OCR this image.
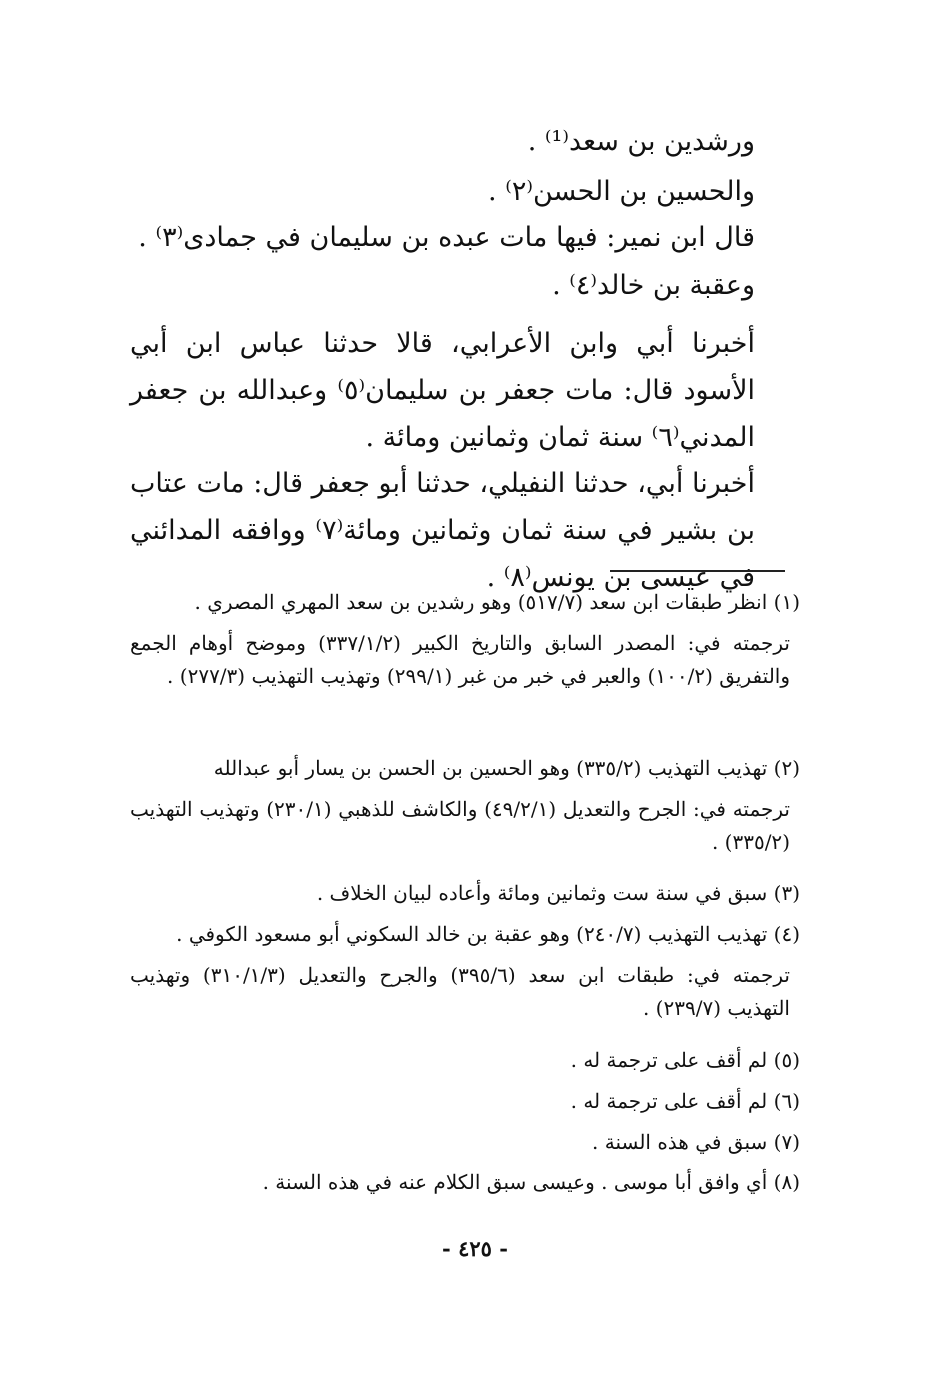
ورشدين بن سعد⁽¹⁾ .
والحسين بن الحسن⁽٢⁾ .
قال ابن نمير: فيها مات عبده بن سليمان في جمادى⁽٣⁾ .
وعقبة بن خالد⁽٤⁾ .
أخبرنا أبي وابن الأعرابي، قالا حدثنا عباس ابن أبي الأسود قال: مات جعفر بن سليمان⁽٥⁾ وعبدالله بن جعفر المدني⁽٦⁾ سنة ثمان وثمانين ومائة .
أخبرنا أبي، حدثنا النفيلي، حدثنا أبو جعفر قال: مات عتاب بن بشير في سنة ثمان وثمانين ومائة⁽٧⁾ ووافقه المدائني في عيسى بن يونس⁽٨⁾ .
(١) انظر طبقات ابن سعد (٥١٧/٧) وهو رشدين بن سعد المهري المصري .
ترجمته في: المصدر السابق والتاريخ الكبير (٣٣٧/١/٢) وموضح أوهام الجمع والتفريق (١٠٠/٢) والعبر في خبر من غبر (٢٩٩/١) وتهذيب التهذيب (٢٧٧/٣) .
(٢) تهذيب التهذيب (٣٣٥/٢) وهو الحسين بن الحسن بن يسار أبو عبدالله
ترجمته في: الجرح والتعديل (٤٩/٢/١) والكاشف للذهبي (٢٣٠/١) وتهذيب التهذيب (٣٣٥/٢) .
(٣) سبق في سنة ست وثمانين ومائة وأعاده لبيان الخلاف .
(٤) تهذيب التهذيب (٢٤٠/٧) وهو عقبة بن خالد السكوني أبو مسعود الكوفي .
ترجمته في: طبقات ابن سعد (٣٩٥/٦) والجرح والتعديل (٣١٠/١/٣) وتهذيب التهذيب (٢٣٩/٧) .
(٥) لم أقف على ترجمة له .
(٦) لم أقف على ترجمة له .
(٧) سبق في هذه السنة .
(٨) أي وافق أبا موسى . وعيسى سبق الكلام عنه في هذه السنة .
- ٤٢٥ -
